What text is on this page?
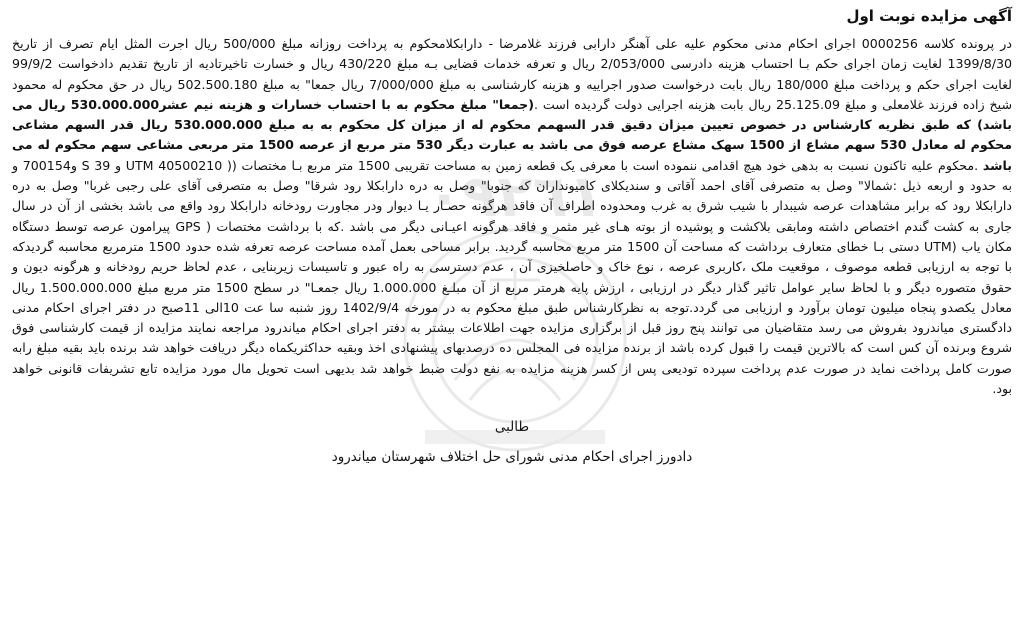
٠٩٢٦١
آگهی مزایده نوبت اول

در پرونده کلاسه 0000256 اجرای احکام مدنی محکوم علیه علی آهنگر دارابی فرزند غلامرضا - دارابکلامحکوم به پرداخت روزانه مبلغ 500/000 ریال اجرت المثل ایام تصرف از تاریخ 1399/8/30 لغایت زمان اجرای حکم بـا احتساب هزینه دادرسی 2/053/000 ریال و تعرفه خدمات قضایی بـه مبلغ 430/220 ریال و خسارت تاخیرتادیه از تاریخ تقدیم دادخواست 99/9/2 لغایت اجرای حکم و پرداخت مبلغ 180/000 ریال بابت درخواست صدور اجراییه و هزینه کارشناسی به مبلغ 7/000/000 ریال جمعا" به مبلغ 502.500.180 ریال در حق محکوم له محمود شیخ زاده فرزند غلامعلی و مبلغ 25.125.09 ریال بابت هزینه اجرایی دولت گردیده است .(جمعا" مبلغ محکوم به با احتساب خسارات و هزینه نیم عشر530.000.000 ریال می باشد) که طبق نظریه کارشناس در خصوص تعیین میزان دقیق قدر السهمم محکوم له از میزان کل محکوم به به مبلغ 530.000.000 ریال قدر السهم مشاعی محکوم له معادل 530 سهم مشاع از 1500 سهک مشاع عرصه فوق می باشد به عبارت دیگر 530 متر مربع از عرصه 1500 متر مربعی مشاعی سهم محکوم له می باشد .محکوم علیه تاکنون نسبت به بدهی خود هیچ اقدامی ننموده است با معرفی یک قطعه زمین به مساحت تقریبی 1500 متر مربع بـا مختصات (( UTM 40500210 و 39 S و700154 و به حدود و اربعه ذیل :شمالا" وصل به متصرفی آقای احمد آقاتی و سندیکلای کامیونداران که جنوبا" وصل به دره دارابکلا رود شرقا" وصل به متصرفی آقای علی رجبی غربا" وصل به دره دارابکلا رود که برابر مشاهدات عرصه شیبدار با شیب شرق به غرب ومحدوده اطراف آن فاقد هرگونه حصـار یـا دیوار ودر مجاورت رودخانه دارابکلا رود واقع می باشد بخشی از آن در سال جاری به کشت گندم اختصاص داشته ومابقی بلاکشت و پوشیده از بوته هـای غیر مثمر و فاقد هرگونه اعیـانی دیگر می باشد .که با برداشت مختصات ( GPS پیرامون عرصه توسط دستگاه مکان یاب (UTM دستی بـا خطای متعارف برداشت که مساحت آن 1500 متر مربع محاسبه گردید. برابر مساحی بعمل آمده مساحت عرصه تعرفه شده حدود 1500 مترمربع محاسبه گردیدکه با توجه به ارزیابی قطعه موصوف ، موقعیت ملک ،کاربری عرصه ، نوع خاک و حاصلخیزی آن ، عدم دسترسی به راه عبور و تاسیسات زیربنایی ، عدم لحاظ حریم رودخانه و هرگونه دیون و حقوق متصوره دیگر و با لحاظ سایر عوامل تاثیر گذار دیگر در ارزیابی ، ارزش پایه هرمتر مربع از آن مبلـغ 1.000.000 ریال جمعـا" در سطح 1500 متر مربع مبلغ 1.500.000.000 ریال معادل یکصدو پنجاه میلیون تومان برآورد و ارزیابی می گردد.توجه به نظرکارشناس طبق مبلغ محکوم به در مورخه 1402/9/4 روز شنبه سا عت 10الی 11صبح در دفتر اجرای احکام مدنی دادگستری میاندرود بفروش می رسد متقاضیان می توانند پنج روز قبل از برگزاری مزایده جهت اطلاعات بیشتر به دفتر اجرای احکام میاندرود مراجعه نمایند مزایده از قیمت کارشناسی فوق شروع وبرنده آن کس است که بالاترین قیمت را قبول کرده باشد از برنده مزایده فی المجلس ده درصدبهای پیشنهادی اخذ وبقیه حداکثریکماه دیگر دریافت خواهد شد برنده باید بقیه مبلغ رابه صورت کامل پرداخت نماید در صورت عدم پرداخت سپرده تودیعی پس از کسر هزینه مزایده به نفع دولت ضبط خواهد شد بدیهی است تحویل مال مورد مزایده تابع تشریفات قانونی خواهد بود.

طالبی
دادورز اجرای احکام مدنی شورای حل اختلاف شهرستان میاندرود
